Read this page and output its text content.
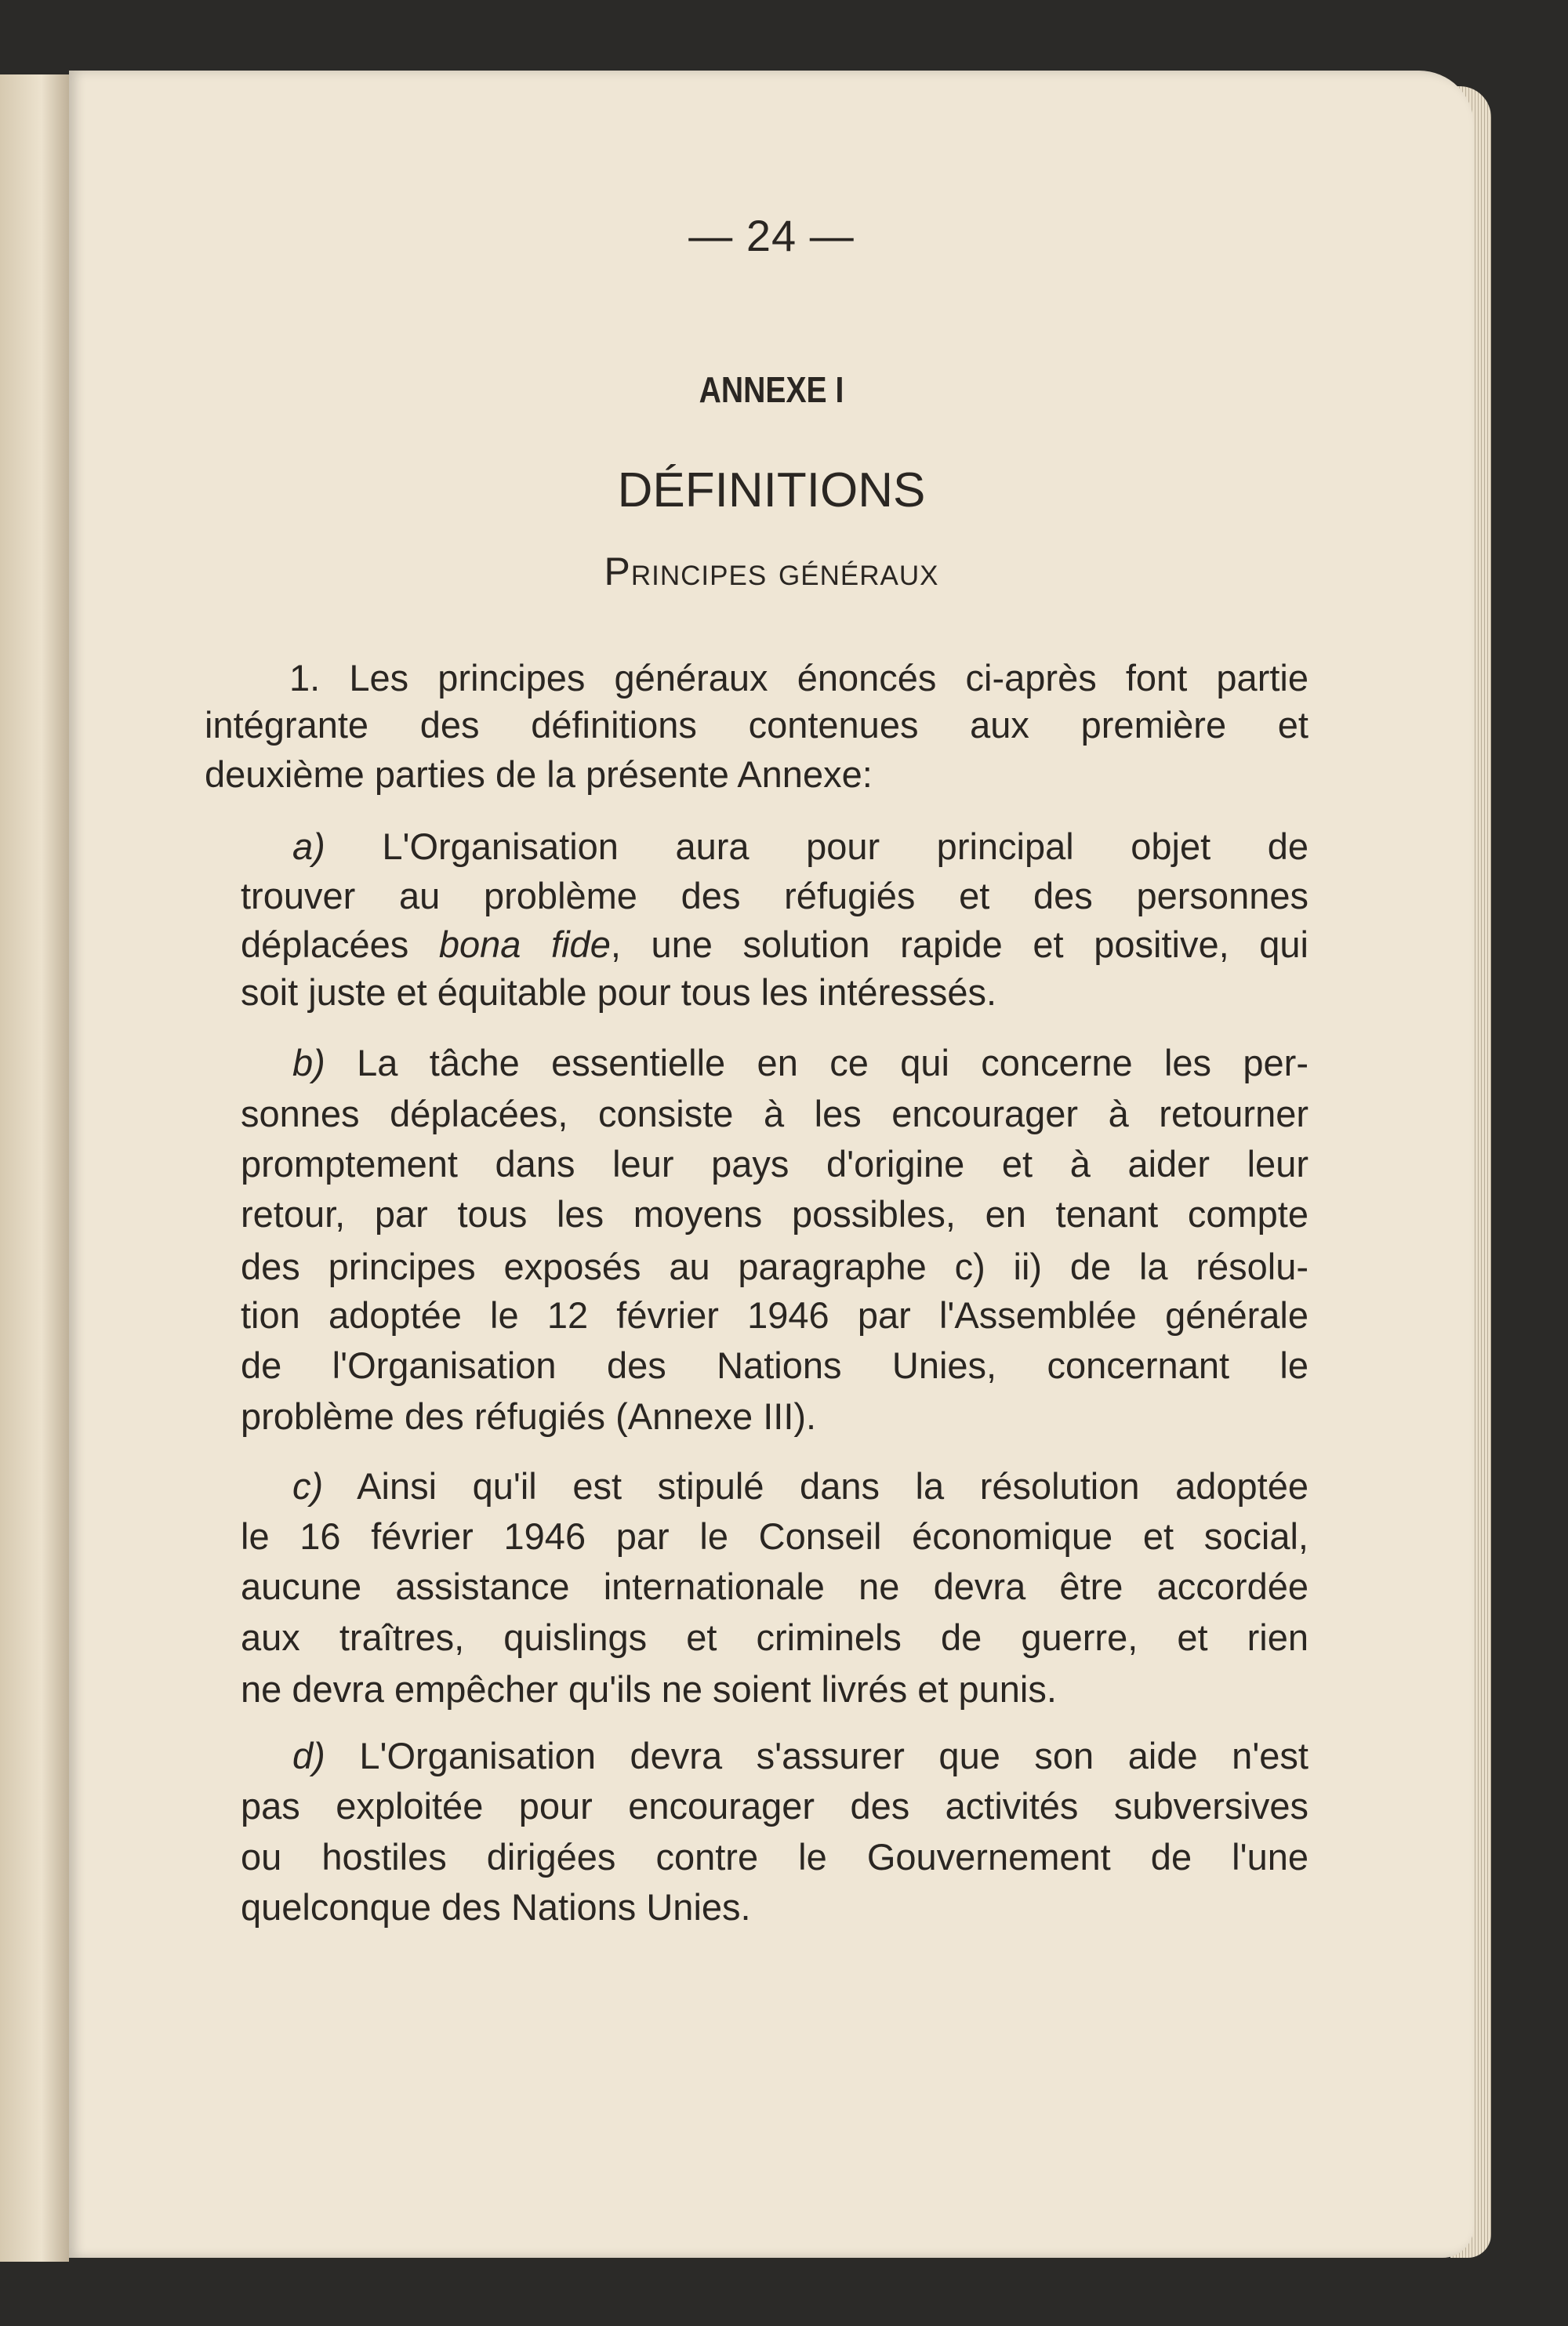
— 24 —
ANNEXE I
DÉFINITIONS
Principes généraux
1. Les principes généraux énoncés ci-après font partie
intégrante des définitions contenues aux première et
deuxième parties de la présente Annexe:
a) L'Organisation aura pour principal objet de
trouver au problème des réfugiés et des personnes
déplacées bona fide, une solution rapide et positive, qui
soit juste et équitable pour tous les intéressés.
b) La tâche essentielle en ce qui concerne les per-
sonnes déplacées, consiste à les encourager à retourner
promptement dans leur pays d'origine et à aider leur
retour, par tous les moyens possibles, en tenant compte
des principes exposés au paragraphe c) ii) de la résolu-
tion adoptée le 12 février 1946 par l'Assemblée générale
de l'Organisation des Nations Unies, concernant le
problème des réfugiés (Annexe III).
c) Ainsi qu'il est stipulé dans la résolution adoptée
le 16 février 1946 par le Conseil économique et social,
aucune assistance internationale ne devra être accordée
aux traîtres, quislings et criminels de guerre, et rien
ne devra empêcher qu'ils ne soient livrés et punis.
d) L'Organisation devra s'assurer que son aide n'est
pas exploitée pour encourager des activités subversives
ou hostiles dirigées contre le Gouvernement de l'une
quelconque des Nations Unies.
